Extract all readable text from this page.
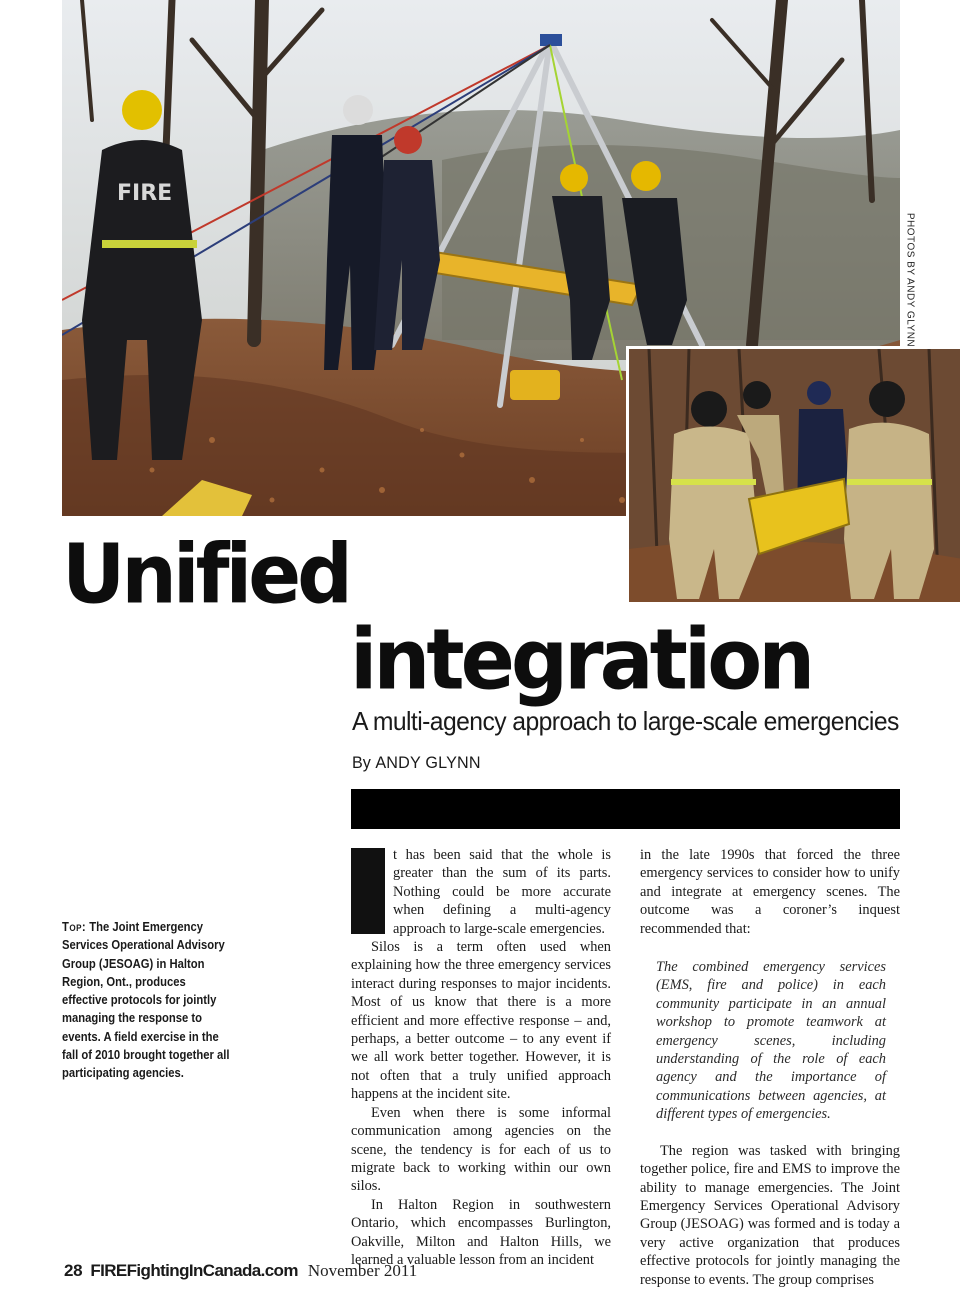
FIRE
PHOTOS BY ANDY GLYNN
Unified
integration
A multi-agency approach to large-scale emergencies
By ANDY GLYNN
Top: The Joint Emergency Services Operational Advisory Group (JESOAG) in Halton Region, Ont., produces effective protocols for jointly managing the response to events. A field exercise in the fall of 2010 brought together all participating agencies.

t has been said that the whole is greater than the sum of its parts. Nothing could be more accurate when defining a multi-agency approach to large-scale emergencies.

Silos is a term often used when explaining how the three emergency services interact during responses to major incidents. Most of us know that there is a more efficient and more effective response – and, perhaps, a better outcome – to any event if we all work better together. However, it is not often that a truly unified approach happens at the incident site.

Even when there is some informal communication among agencies on the scene, the tendency is for each of us to migrate back to working within our own silos.

In Halton Region in southwestern Ontario, which encompasses Burlington, Oakville, Milton and Halton Hills, we learned a valuable lesson from an incident

in the late 1990s that forced the three emergency services to consider how to unify and integrate at emergency scenes. The outcome was a coroner’s inquest recommended that:

The combined emergency services (EMS, fire and police) in each community participate in an annual workshop to promote teamwork at emergency scenes, including understanding of the role of each agency and the importance of communications between agencies, at different types of emergencies.

The region was tasked with bringing together police, fire and EMS to improve the ability to manage emergencies. The Joint Emergency Services Operational Advisory Group (JESOAG) was formed and is today a very active organization that produces effective protocols for jointly managing the response to events. The group comprises

28 FIREFightingInCanada.com November 2011
